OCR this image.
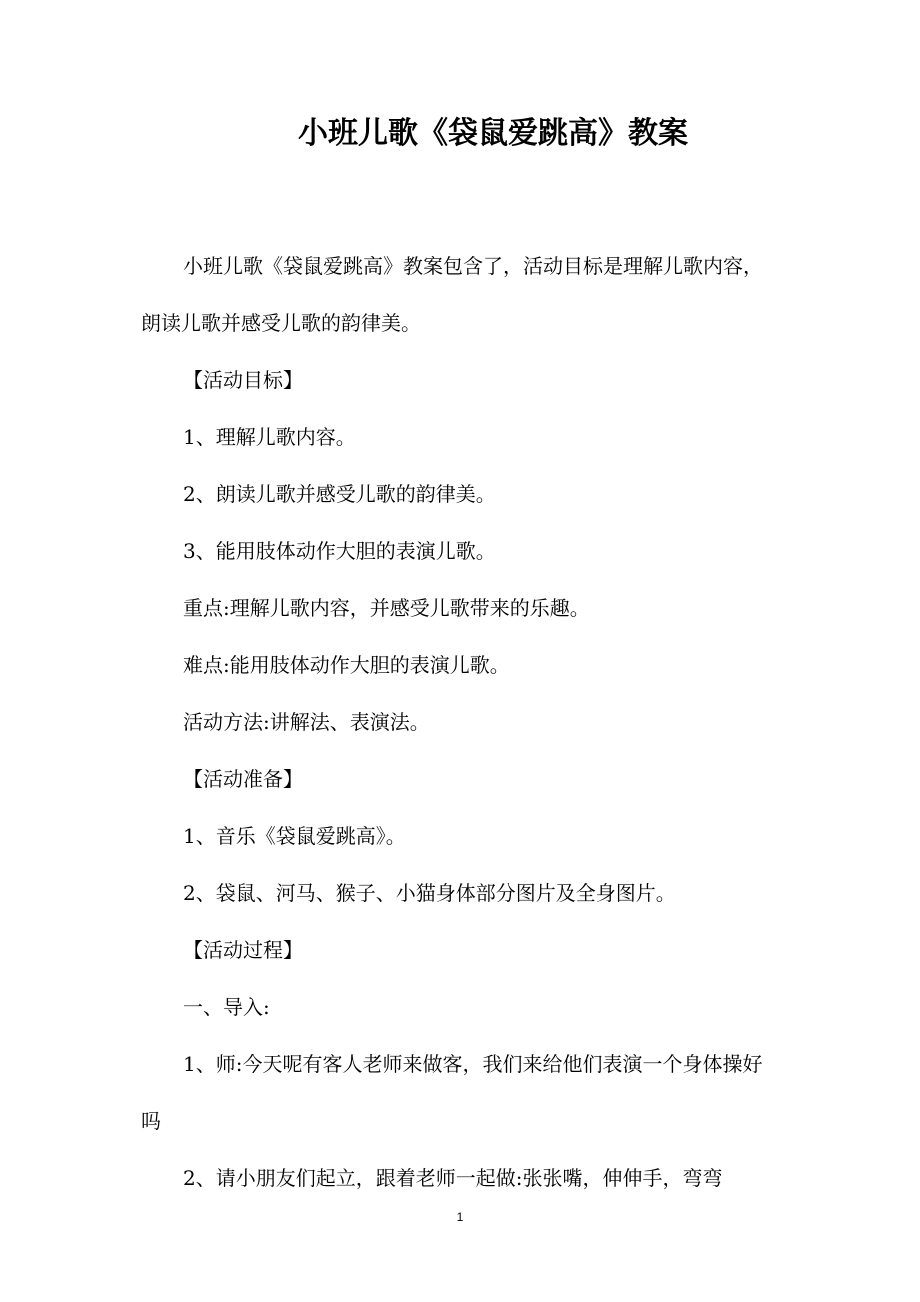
小班儿歌《袋鼠爱跳高》教案

小班儿歌《袋鼠爱跳高》教案包含了，活动目标是理解儿歌内容，朗读儿歌并感受儿歌的韵律美。

【活动目标】

1、理解儿歌内容。

2、朗读儿歌并感受儿歌的韵律美。

3、能用肢体动作大胆的表演儿歌。

重点:理解儿歌内容，并感受儿歌带来的乐趣。

难点:能用肢体动作大胆的表演儿歌。

活动方法:讲解法、表演法。

【活动准备】

1、音乐《袋鼠爱跳高》。

2、袋鼠、河马、猴子、小猫身体部分图片及全身图片。

【活动过程】

一、导入:

1、师:今天呢有客人老师来做客，我们来给他们表演一个身体操好吗

2、请小朋友们起立，跟着老师一起做:张张嘴，伸伸手，弯弯

1
